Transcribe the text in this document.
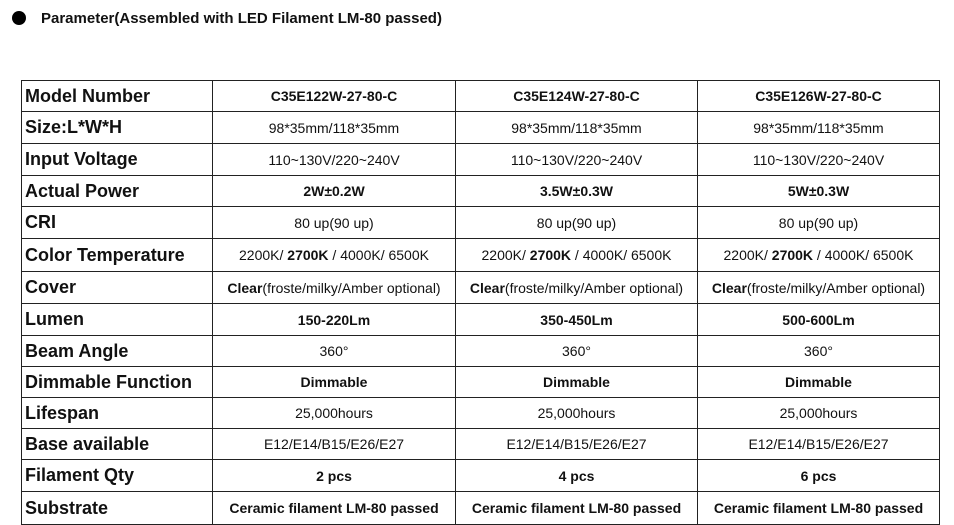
Parameter(Assembled with LED Filament LM-80 passed)
Model Number	C35E122W-27-80-C	C35E124W-27-80-C	C35E126W-27-80-C
Size:L*W*H	98*35mm/118*35mm	98*35mm/118*35mm	98*35mm/118*35mm
Input Voltage	110~130V/220~240V	110~130V/220~240V	110~130V/220~240V
Actual Power	2W±0.2W	3.5W±0.3W	5W±0.3W
CRI	80 up(90 up)	80 up(90 up)	80 up(90 up)
Color Temperature	2200K/ 2700K / 4000K/ 6500K	2200K/ 2700K / 4000K/ 6500K	2200K/ 2700K / 4000K/ 6500K
Cover	Clear(froste/milky/Amber optional)	Clear(froste/milky/Amber optional)	Clear(froste/milky/Amber optional)
Lumen	150-220Lm	350-450Lm	500-600Lm
Beam Angle	360°	360°	360°
Dimmable Function	Dimmable	Dimmable	Dimmable
Lifespan	25,000hours	25,000hours	25,000hours
Base available	E12/E14/B15/E26/E27	E12/E14/B15/E26/E27	E12/E14/B15/E26/E27
Filament Qty	2 pcs	4 pcs	6 pcs
Substrate	Ceramic filament LM-80 passed	Ceramic filament LM-80 passed	Ceramic filament LM-80 passed
